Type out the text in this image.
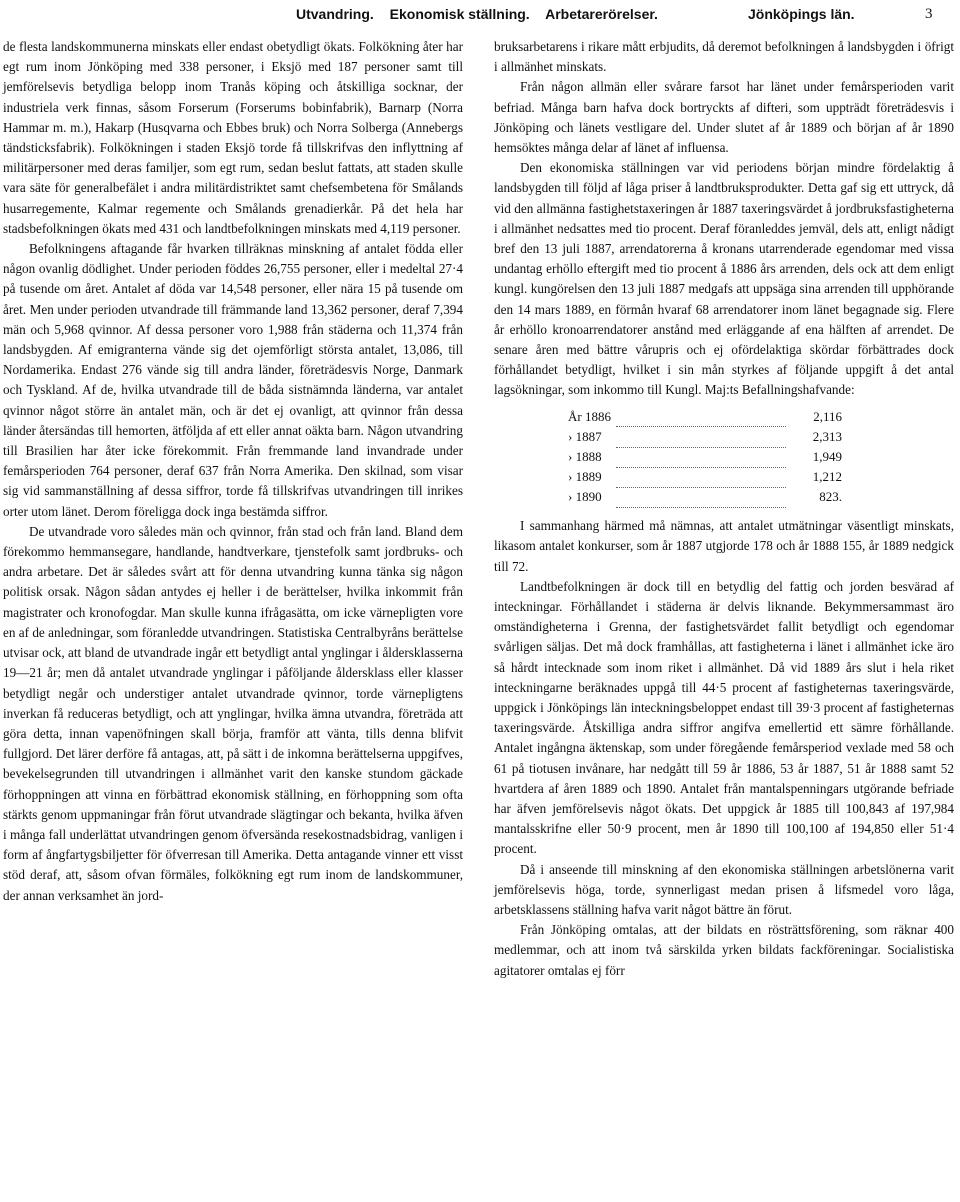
Utvandring. Ekonomisk ställning. Arbetarerörelser.	Jönköpings län.	3

de flesta landskommunerna minskats eller endast obetydligt ökats. Folkökning åter har egt rum inom Jönköping med 338 personer, i Eksjö med 187 personer samt till jemförelsevis betydliga belopp inom Tranås köping och åtskilliga socknar, der industriela verk finnas, såsom Forserum (Forserums bobinfabrik), Barnarp (Norra Hammar m. m.), Hakarp (Husqvarna och Ebbes bruk) och Norra Solberga (Annebergs tändsticksfabrik). Folkökningen i staden Eksjö torde få tillskrifvas den inflyttning af militärpersoner med deras familjer, som egt rum, sedan beslut fattats, att staden skulle vara säte för generalbefälet i andra militärdistriktet samt chefsembetena för Smålands husarregemente, Kalmar regemente och Smålands grenadierkår. På det hela har stadsbefolkningen ökats med 431 och landtbefolkningen minskats med 4,119 personer.

Befolkningens aftagande får hvarken tillräknas minskning af antalet födda eller någon ovanlig dödlighet. Under perioden föddes 26,755 personer, eller i medeltal 27·4 på tusende om året. Antalet af döda var 14,548 personer, eller nära 15 på tusende om året. Men under perioden utvandrade till främmande land 13,362 personer, deraf 7,394 män och 5,968 qvinnor. Af dessa personer voro 1,988 från städerna och 11,374 från landsbygden. Af emigranterna vände sig det ojemförligt största antalet, 13,086, till Nordamerika. Endast 276 vände sig till andra länder, företrädesvis Norge, Danmark och Tyskland. Af de, hvilka utvandrade till de båda sistnämnda länderna, var antalet qvinnor något större än antalet män, och är det ej ovanligt, att qvinnor från dessa länder återsändas till hemorten, ätföljda af ett eller annat oäkta barn. Någon utvandring till Brasilien har åter icke förekommit. Från fremmande land invandrade under femårsperioden 764 personer, deraf 637 från Norra Amerika. Den skilnad, som visar sig vid sammanställning af dessa siffror, torde få tillskrifvas utvandringen till inrikes orter utom länet. Derom föreligga dock inga bestämda siffror.

De utvandrade voro således män och qvinnor, från stad och från land. Bland dem förekommo hemmansegare, handlande, handtverkare, tjenstefolk samt jordbruks- och andra arbetare. Det är således svårt att för denna utvandring kunna tänka sig någon politisk orsak. Någon sådan antydes ej heller i de berättelser, hvilka inkommit från magistrater och kronofogdar. Man skulle kunna ifrågasätta, om icke värnepligten vore en af de anledningar, som föranledde utvandringen. Statistiska Centralbyråns berättelse utvisar ock, att bland de utvandrade ingår ett betydligt antal ynglingar i åldersklasserna 19—21 år; men då antalet utvandrade ynglingar i påföljande åldersklass eller klasser betydligt negår och understiger antalet utvandrade qvinnor, torde värnepligtens inverkan få reduceras betydligt, och att ynglingar, hvilka ämna utvandra, företräda att göra detta, innan vapenöfningen skall börja, framför att vänta, tills denna blifvit fullgjord. Det lärer derföre få antagas, att, på sätt i de inkomna berättelserna uppgifves, bevekelsegrunden till utvandringen i allmänhet varit den kanske stundom gäckade förhoppningen att vinna en förbättrad ekonomisk ställning, en förhoppning som ofta stärkts genom uppmaningar från förut utvandrade slägtingar och bekanta, hvilka äfven i många fall underlättat utvandringen genom öfversända resekostnadsbidrag, vanligen i form af ångfartygsbiljetter för öfverresan till Amerika. Detta antagande vinner ett visst stöd deraf, att, såsom ofvan förmäles, folkökning egt rum inom de landskommuner, der annan verksamhet än jord-

bruksarbetarens i rikare mått erbjudits, då deremot befolkningen å landsbygden i öfrigt i allmänhet minskats.

Från någon allmän eller svårare farsot har länet under femårsperioden varit befriad. Många barn hafva dock bortryckts af difteri, som uppträdt företrädesvis i Jönköping och länets vestligare del. Under slutet af år 1889 och början af år 1890 hemsöktes många delar af länet af influensa.

Den ekonomiska ställningen var vid periodens början mindre fördelaktig å landsbygden till följd af låga priser å landtbruksprodukter. Detta gaf sig ett uttryck, då vid den allmänna fastighetstaxeringen år 1887 taxeringsvärdet å jordbruksfastigheterna i allmänhet nedsattes med tio procent. Deraf föranleddes jemväl, dels att, enligt nådigt bref den 13 juli 1887, arrendatorerna å kronans utarrenderade egendomar med vissa undantag erhöllo eftergift med tio procent å 1886 års arrenden, dels ock att dem enligt kungl. kungörelsen den 13 juli 1887 medgafs att uppsäga sina arrenden till upphörande den 14 mars 1889, en förmån hvaraf 68 arrendatorer inom länet begagnade sig. Flere år erhöllo kronoarrendatorer anstånd med erläggande af ena hälften af arrendet. De senare åren med bättre vårupris och ej ofördelaktiga skördar förbättrades dock förhållandet betydligt, hvilket i sin mån styrkes af följande uppgift å det antal lagsökningar, som inkommo till Kungl. Maj:ts Befallningshafvande:

År 1886		2,116
› 1887		2,313
› 1888		1,949
› 1889		1,212
› 1890		823.

I sammanhang härmed må nämnas, att antalet utmätningar väsentligt minskats, likasom antalet konkurser, som år 1887 utgjorde 178 och år 1888 155, år 1889 nedgick till 72.

Landtbefolkningen är dock till en betydlig del fattig och jorden besvärad af inteckningar. Förhållandet i städerna är delvis liknande. Bekymmersammast äro omständigheterna i Grenna, der fastighetsvärdet fallit betydligt och egendomar svårligen säljas. Det må dock framhållas, att fastigheterna i länet i allmänhet icke äro så hårdt intecknade som inom riket i allmänhet. Då vid 1889 års slut i hela riket inteckningarne beräknades uppgå till 44·5 procent af fastigheternas taxeringsvärde, uppgick i Jönköpings län inteckningsbeloppet endast till 39·3 procent af fastigheternas taxeringsvärde. Åtskilliga andra siffror angifva emellertid ett sämre förhållande. Antalet ingångna äktenskap, som under föregående femårsperiod vexlade med 58 och 61 på tiotusen invånare, har nedgått till 59 år 1886, 53 år 1887, 51 år 1888 samt 52 hvartdera af åren 1889 och 1890. Antalet från mantalspenningars utgörande befriade har äfven jemförelsevis något ökats. Det uppgick år 1885 till 100,843 af 197,984 mantalsskrifne eller 50·9 procent, men år 1890 till 100,100 af 194,850 eller 51·4 procent.

Då i anseende till minskning af den ekonomiska ställningen arbetslönerna varit jemförelsevis höga, torde, synnerligast medan prisen å lifsmedel voro låga, arbetsklassens ställning hafva varit något bättre än förut.

Från Jönköping omtalas, att der bildats en rösträttsförening, som räknar 400 medlemmar, och att inom två särskilda yrken bildats fackföreningar. Socialistiska agitatorer omtalas ej förr
